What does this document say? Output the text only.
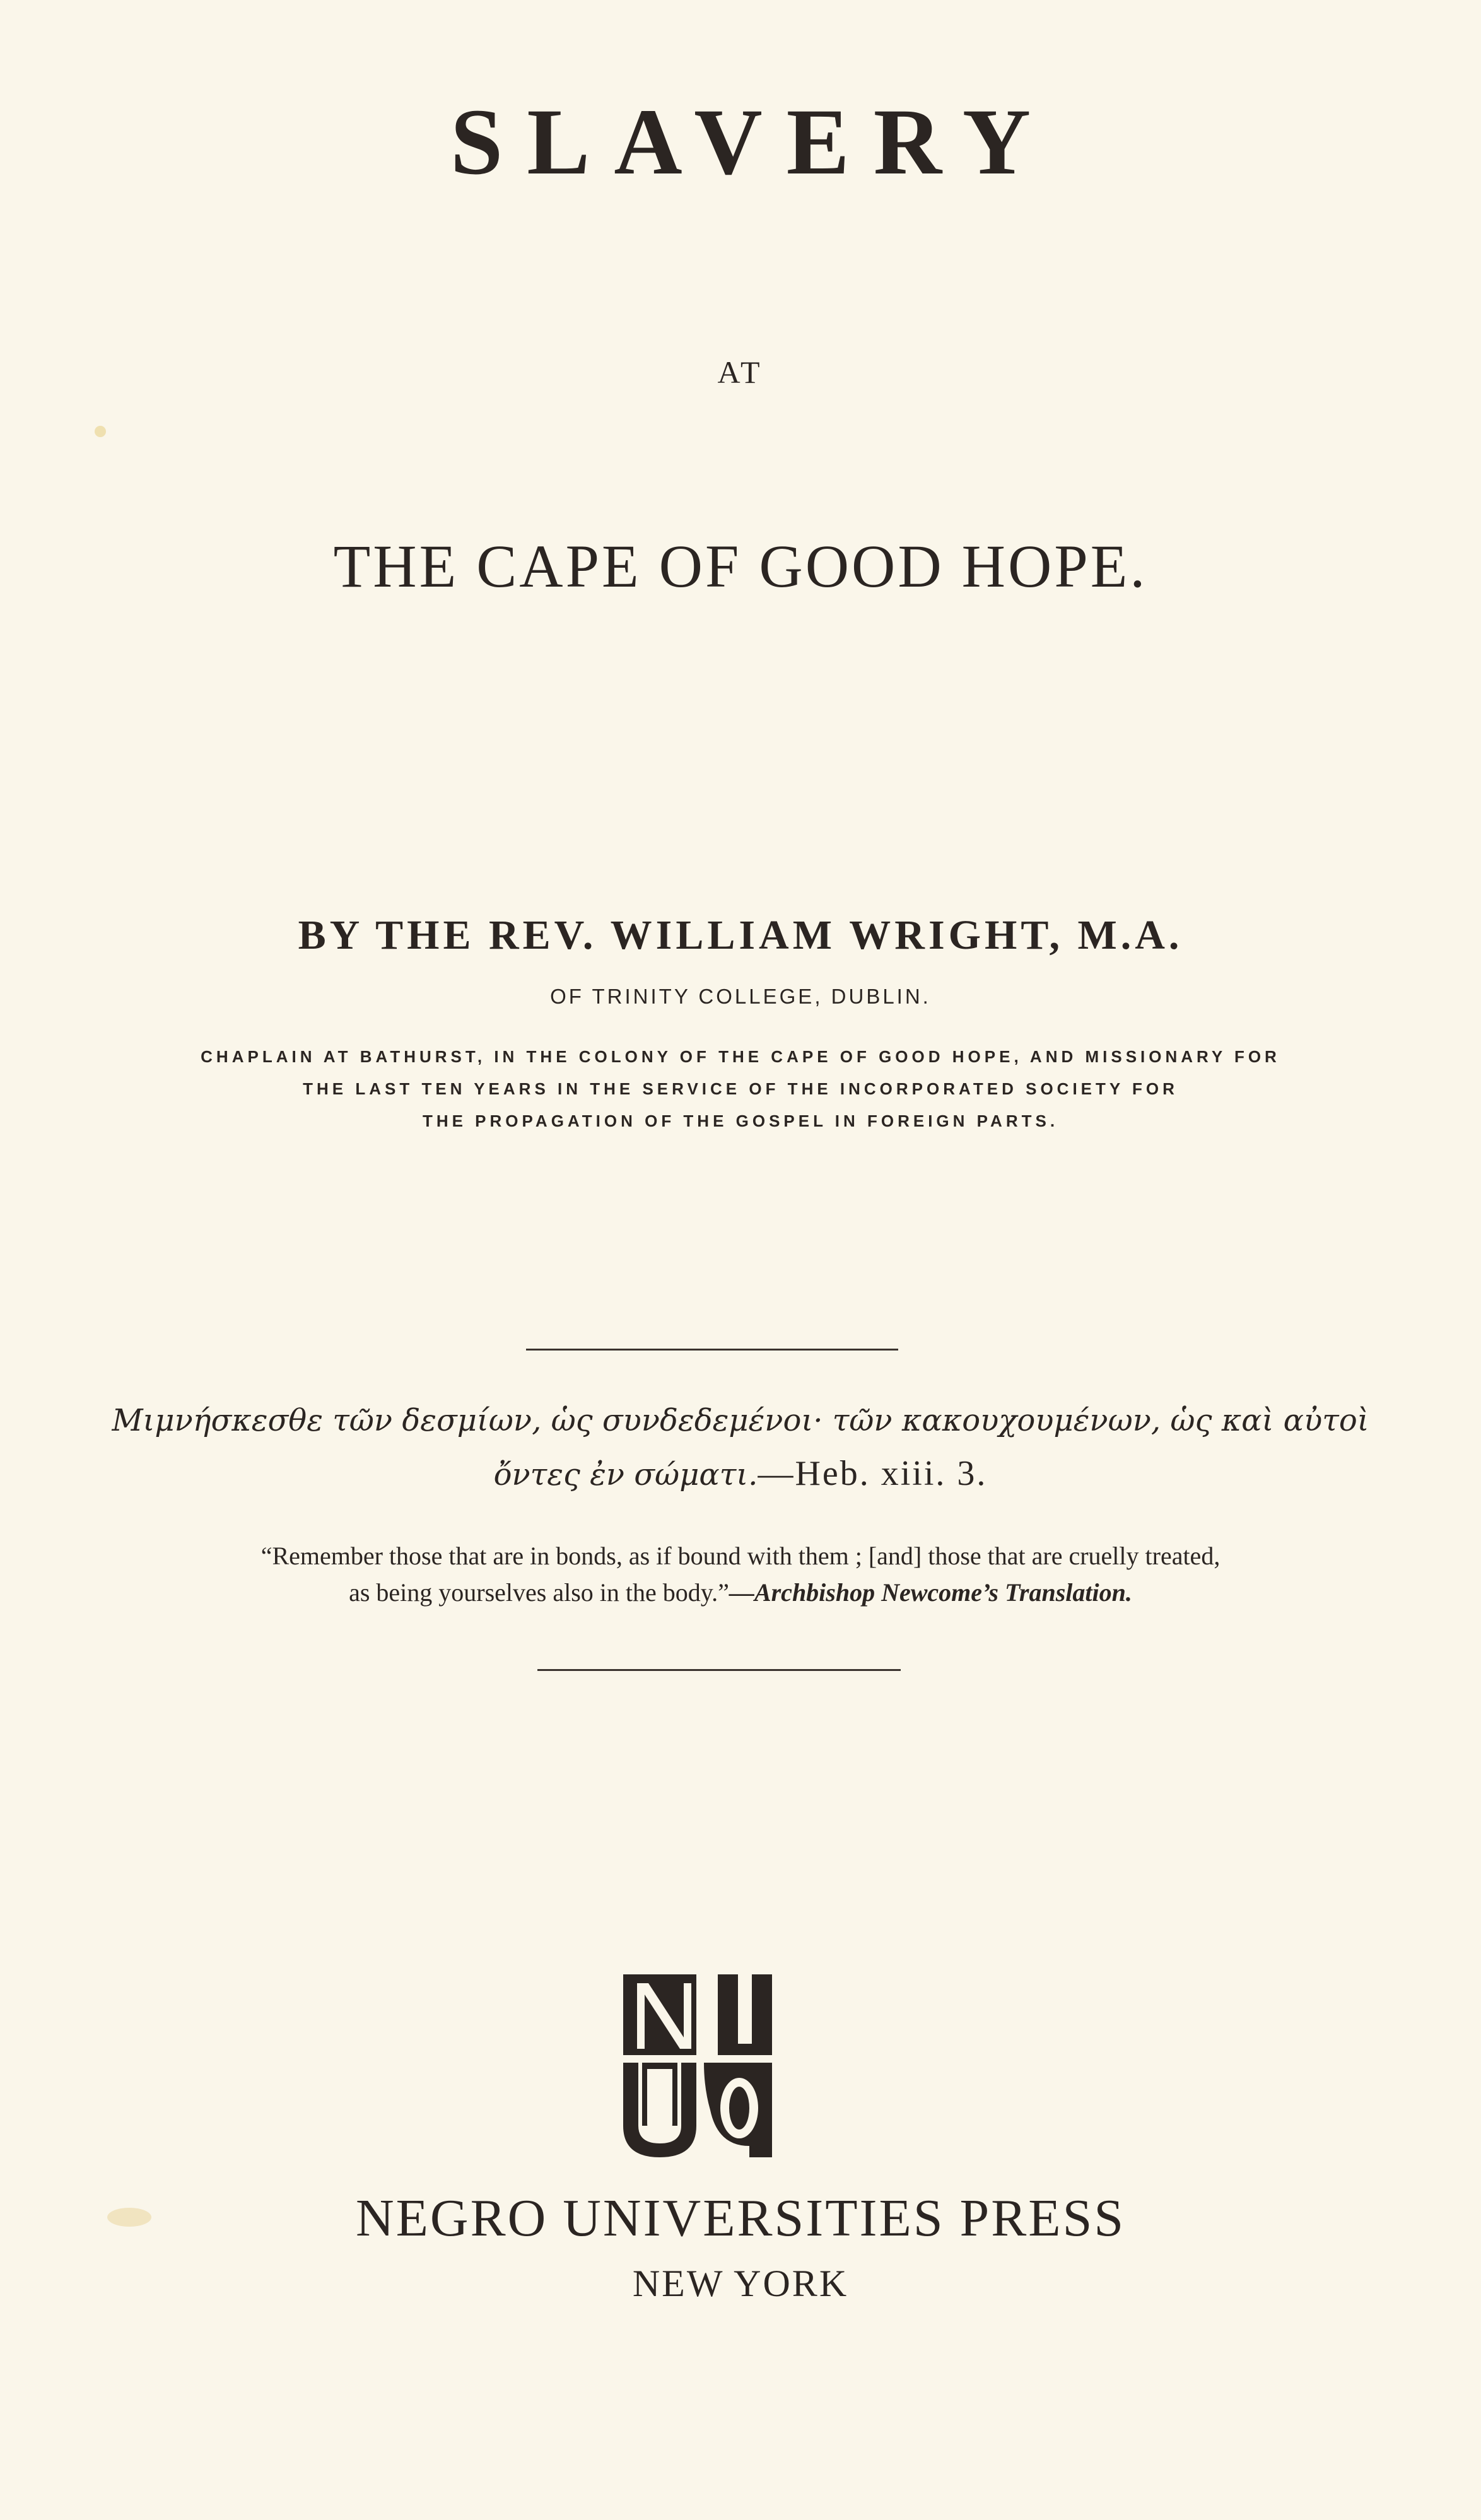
SLAVERY
AT
THE CAPE OF GOOD HOPE.
BY THE REV. WILLIAM WRIGHT, M.A.
OF TRINITY COLLEGE, DUBLIN.
CHAPLAIN AT BATHURST, IN THE COLONY OF THE CAPE OF GOOD HOPE, AND MISSIONARY FOR
THE LAST TEN YEARS IN THE SERVICE OF THE INCORPORATED SOCIETY FOR
THE PROPAGATION OF THE GOSPEL IN FOREIGN PARTS.
Μιμνήσκεσθε τῶν δεσμίων, ὡς συνδεδεμένοι· τῶν κακουχουμένων, ὡς καὶ αὐτοὶ
ὄντες ἐν σώματι.—Heb. xiii. 3.
“Remember those that are in bonds, as if bound with them ; [and] those that are cruelly treated,
as being yourselves also in the body.”—Archbishop Newcome’s Translation.
NEGRO UNIVERSITIES PRESS
NEW YORK
